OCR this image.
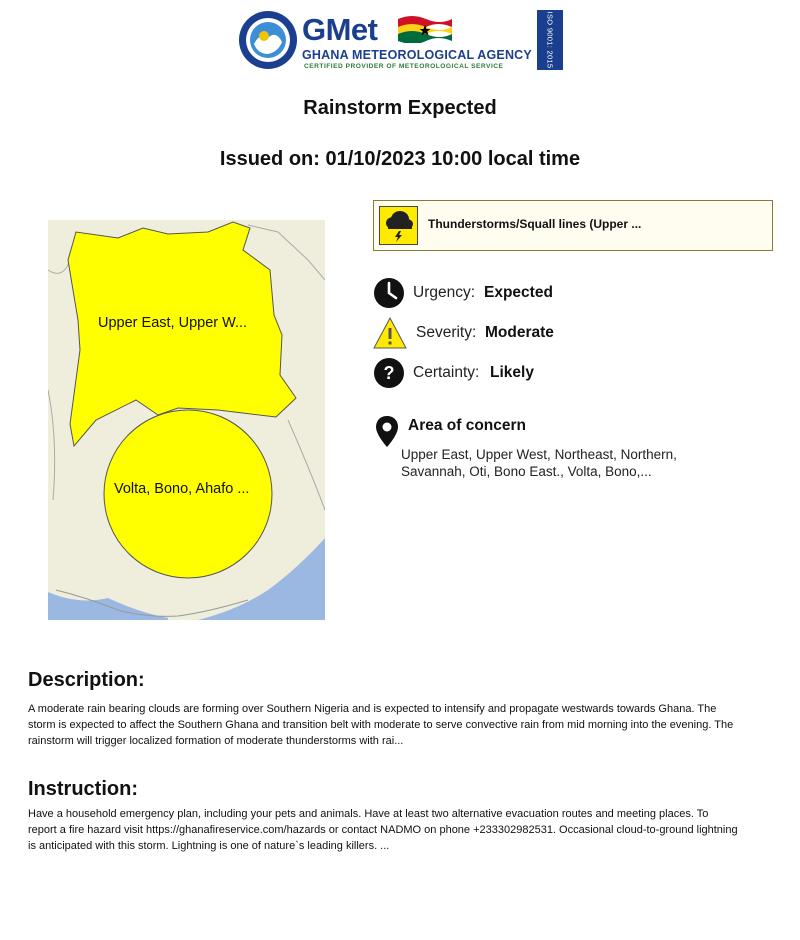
GMet
GHANA METEOROLOGICAL AGENCY
CERTIFIED PROVIDER OF METEOROLOGICAL SERVICE	ISO 9001: 2015
Rainstorm Expected
Issued on: 01/10/2023 10:00 local time
Upper East, Upper W...
Volta, Bono, Ahafo ...
Thunderstorms/Squall lines (Upper ...
Urgency: Expected
Severity: Moderate
? Certainty: Likely
Area of concern
Upper East, Upper West, Northeast, Northern, Savannah, Oti, Bono East., Volta, Bono,...
Description:

A moderate rain bearing clouds are forming over Southern Nigeria and is expected to intensify and propagate westwards towards Ghana. The storm is expected to affect the Southern Ghana and transition belt with moderate to serve convective rain from mid morning into the evening. The rainstorm will trigger localized formation of moderate thunderstorms with rai...

Instruction:

Have a household emergency plan, including your pets and animals. Have at least two alternative evacuation routes and meeting places. To report a fire hazard visit https://ghanafireservice.com/hazards or contact NADMO on phone +233302982531. Occasional cloud-to-ground lightning is anticipated with this storm. Lightning is one of nature`s leading killers. ...
